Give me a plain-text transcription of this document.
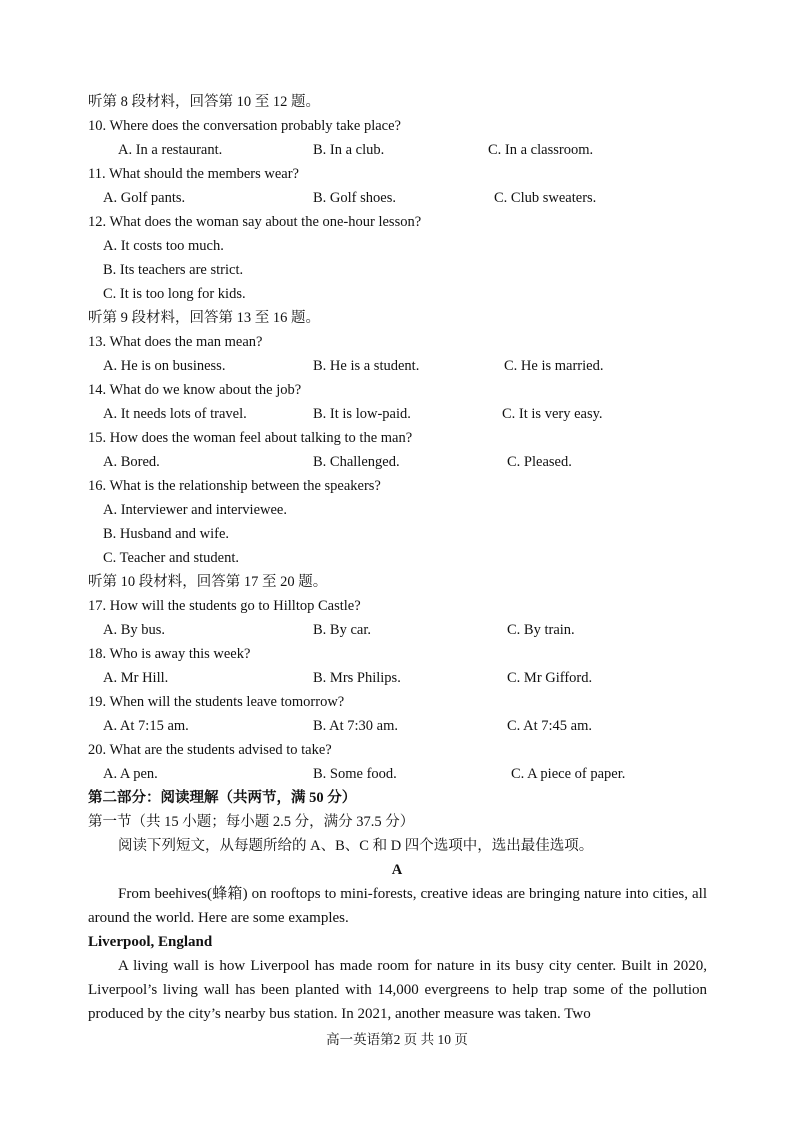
听第 8 段材料，回答第 10 至 12 题。
10. Where does the conversation probably take place?
A. In a restaurant.	B. In a club.	C. In a classroom.
11. What should the members wear?
A. Golf pants.	B. Golf shoes.	C. Club sweaters.
12. What does the woman say about the one-hour lesson?
A. It costs too much.
B. Its teachers are strict.
C. It is too long for kids.
听第 9 段材料，回答第 13 至 16 题。
13. What does the man mean?
A. He is on business.	B. He is a student.	C. He is married.
14. What do we know about the job?
A. It needs lots of travel.	B. It is low-paid.	C. It is very easy.
15. How does the woman feel about talking to the man?
A. Bored.	B. Challenged.	C. Pleased.
16. What is the relationship between the speakers?
A. Interviewer and interviewee.
B. Husband and wife.
C. Teacher and student.
听第 10 段材料，回答第 17 至 20 题。
17. How will the students go to Hilltop Castle?
A. By bus.	B. By car.	C. By train.
18. Who is away this week?
A. Mr Hill.	B. Mrs Philips.	C. Mr Gifford.
19. When will the students leave tomorrow?
A. At 7:15 am.	B. At 7:30 am.	C. At 7:45 am.
20. What are the students advised to take?
A. A pen.	B. Some food.	C. A piece of paper.
第二部分：阅读理解（共两节，满 50 分）
第一节（共 15 小题；每小题 2.5 分，满分 37.5 分）
阅读下列短文，从每题所给的 A、B、C 和 D 四个选项中，选出最佳选项。
A
From beehives(蜂箱) on rooftops to mini-forests, creative ideas are bringing nature into cities, all around the world. Here are some examples.
Liverpool, England
A living wall is how Liverpool has made room for nature in its busy city center. Built in 2020, Liverpool’s living wall has been planted with 14,000 evergreens to help trap some of the pollution produced by the city’s nearby bus station. In 2021, another measure was taken. Two
高一英语第2 页 共 10 页
